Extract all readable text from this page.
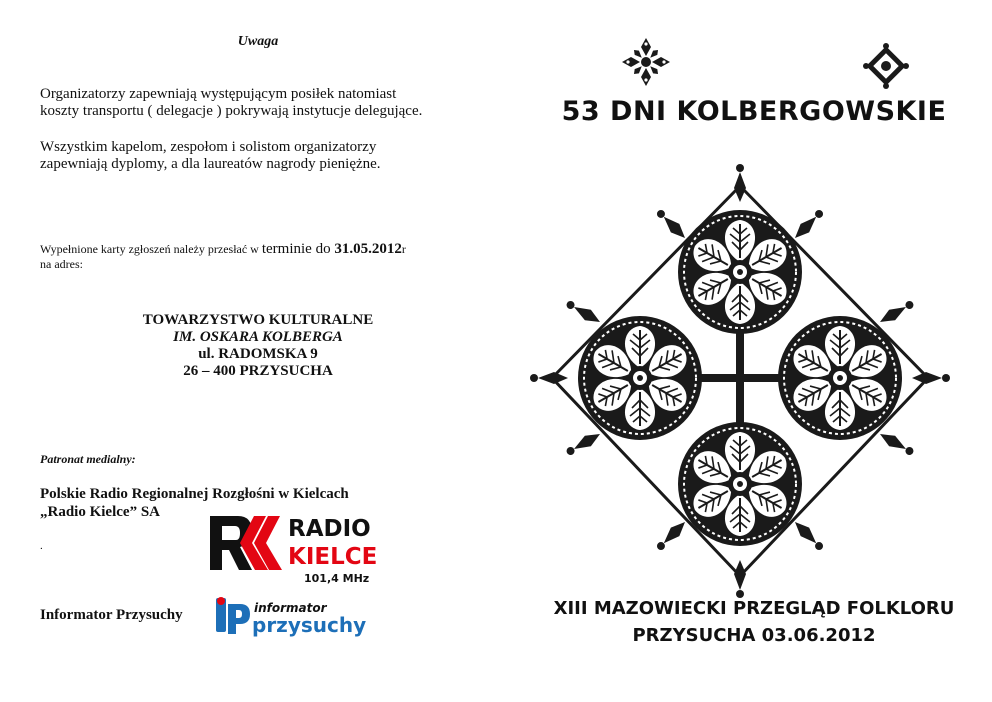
Uwaga
Organizatorzy zapewniają występującym posiłek natomiast
koszty transportu ( delegacje ) pokrywają instytucje delegujące.
Wszystkim kapelom, zespołom i solistom organizatorzy
zapewniają dyplomy, a dla laureatów nagrody pieniężne.
Wypełnione karty zgłoszeń należy przesłać w terminie do 31.05.2012r
na adres:
TOWARZYSTWO KULTURALNE
IM. OSKARA KOLBERGA
ul. RADOMSKA 9
26 – 400 PRZYSUCHA
Patronat medialny:
Polskie Radio Regionalnej Rozgłośni w Kielcach
„Radio Kielce” SA
.
RADIO
KIELCE
101,4 MHz
Informator Przysuchy	informator
przysuchy
53 DNI KOLBERGOWSKIE
XIII MAZOWIECKI PRZEGLĄD FOLKLORU
PRZYSUCHA 03.06.2012
